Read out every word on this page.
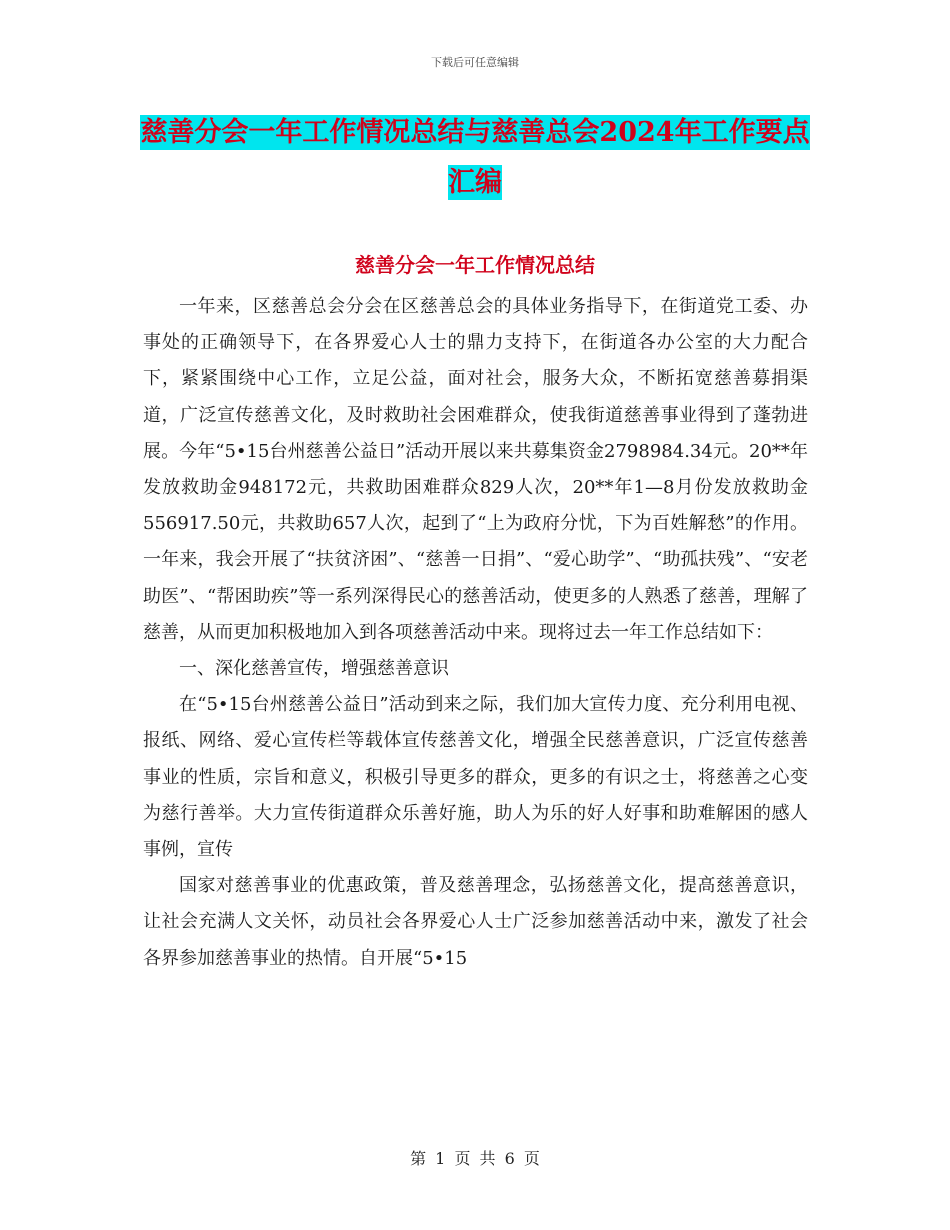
下载后可任意编辑
慈善分会一年工作情况总结与慈善总会2024年工作要点汇编
慈善分会一年工作情况总结

一年来，区慈善总会分会在区慈善总会的具体业务指导下，在街道党工委、办事处的正确领导下，在各界爱心人士的鼎力支持下，在街道各办公室的大力配合下，紧紧围绕中心工作，立足公益，面对社会，服务大众，不断拓宽慈善募捐渠道，广泛宣传慈善文化，及时救助社会困难群众，使我街道慈善事业得到了蓬勃进展。今年“5•15台州慈善公益日”活动开展以来共募集资金2798984.34元。20**年发放救助金948172元，共救助困难群众829人次，20**年1—8月份发放救助金556917.50元，共救助657人次，起到了“上为政府分忧，下为百姓解愁”的作用。一年来，我会开展了“扶贫济困”、“慈善一日捐”、“爱心助学”、“助孤扶残”、“安老助医”、“帮困助疾”等一系列深得民心的慈善活动，使更多的人熟悉了慈善，理解了慈善，从而更加积极地加入到各项慈善活动中来。现将过去一年工作总结如下：

一、深化慈善宣传，增强慈善意识

在“5•15台州慈善公益日”活动到来之际，我们加大宣传力度、充分利用电视、报纸、网络、爱心宣传栏等载体宣传慈善文化，增强全民慈善意识，广泛宣传慈善事业的性质，宗旨和意义，积极引导更多的群众，更多的有识之士，将慈善之心变为慈行善举。大力宣传街道群众乐善好施，助人为乐的好人好事和助难解困的感人事例，宣传

国家对慈善事业的优惠政策，普及慈善理念，弘扬慈善文化，提高慈善意识，让社会充满人文关怀，动员社会各界爱心人士广泛参加慈善活动中来，激发了社会各界参加慈善事业的热情。自开展“5•15

第 1 页 共 6 页
